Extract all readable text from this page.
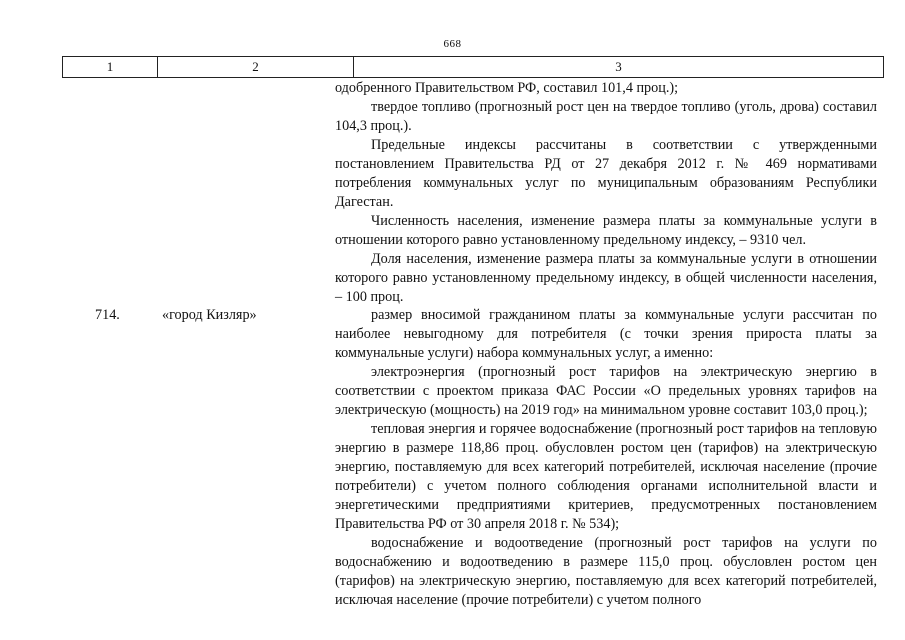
668
1	2	3

одобренного Правительством РФ, составил 101,4 проц.);

твердое топливо (прогнозный рост цен на твердое топливо (уголь, дрова) составил 104,3 проц.).

Предельные индексы рассчитаны в соответствии с утвержденными постановлением Правительства РД от 27 декабря 2012 г. № 469 нормативами потребления коммунальных услуг по муниципальным образованиям Республики Дагестан.

Численность населения, изменение размера платы за коммунальные услуги в отношении которого равно установленному предельному индексу, – 9310 чел.

Доля населения, изменение размера платы за коммунальные услуги в отношении которого равно установленному предельному индексу, в общей численности населения, – 100 проц.

714.	«город Кизляр»	размер вносимой гражданином платы за коммунальные услуги рассчитан по наиболее невыгодному для потребителя (с точки зрения прироста платы за коммунальные услуги) набора коммунальных услуг, а именно:

электроэнергия (прогнозный рост тарифов на электрическую энергию в соответствии с проектом приказа ФАС России «О предельных уровнях тарифов на электрическую (мощность) на 2019 год» на минимальном уровне составит 103,0 проц.);

тепловая энергия и горячее водоснабжение (прогнозный рост тарифов на тепловую энергию в размере 118,86 проц. обусловлен ростом цен (тарифов) на электрическую энергию, поставляемую для всех категорий потребителей, исключая население (прочие потребители) с учетом полного соблюдения органами исполнительной власти и энергетическими предприятиями критериев, предусмотренных постановлением Правительства РФ от 30 апреля 2018 г. № 534);

водоснабжение и водоотведение (прогнозный рост тарифов на услуги по водоснабжению и водоотведению в размере 115,0 проц. обусловлен ростом цен (тарифов) на электрическую энергию, поставляемую для всех категорий потребителей, исключая население (прочие потребители) с учетом полного
